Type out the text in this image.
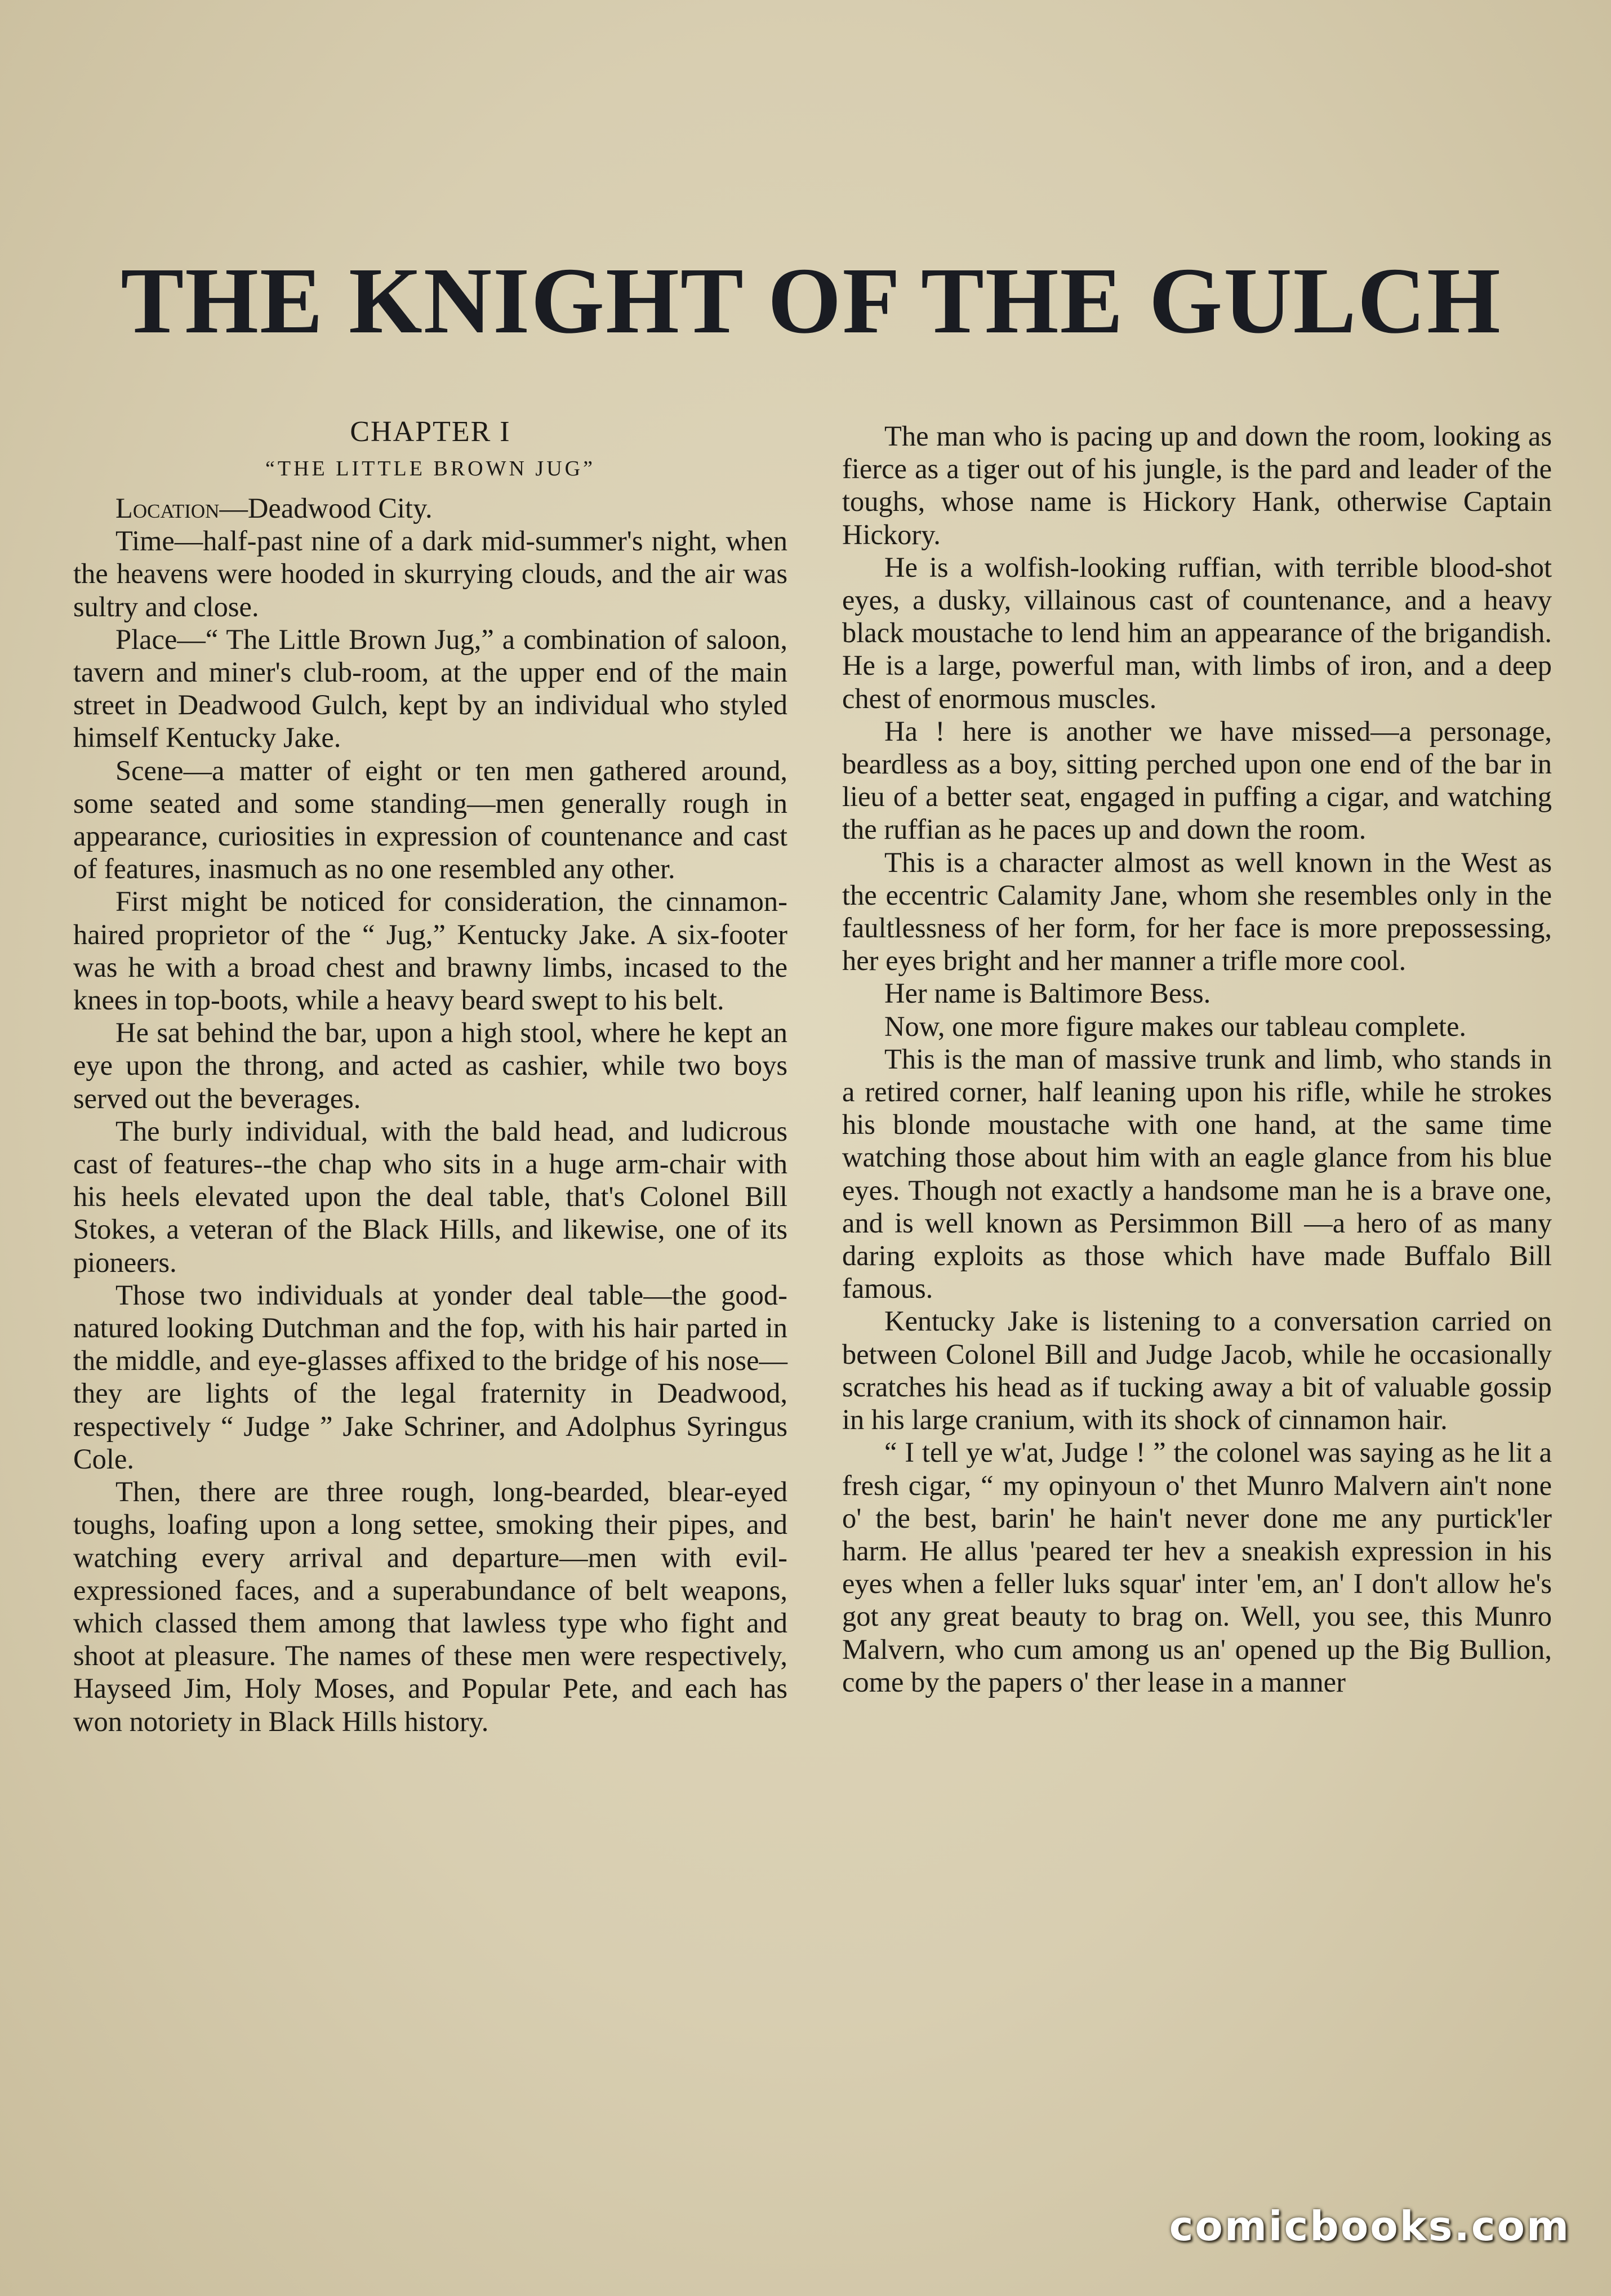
THE KNIGHT OF THE GULCH
CHAPTER I
“THE LITTLE BROWN JUG”

Location—Deadwood City.

Time—half-past nine of a dark mid-summer's night, when the heavens were hooded in skurrying clouds, and the air was sultry and close.

Place—“ The Little Brown Jug,” a combination of saloon, tavern and miner's club-room, at the upper end of the main street in Deadwood Gulch, kept by an individual who styled himself Kentucky Jake.

Scene—a matter of eight or ten men gathered around, some seated and some standing—men generally rough in appearance, curiosities in expression of countenance and cast of features, inasmuch as no one resembled any other.

First might be noticed for consideration, the cinnamon-haired proprietor of the “ Jug,” Kentucky Jake. A six-footer was he with a broad chest and brawny limbs, incased to the knees in top-boots, while a heavy beard swept to his belt.

He sat behind the bar, upon a high stool, where he kept an eye upon the throng, and acted as cashier, while two boys served out the beverages.

The burly individual, with the bald head, and ludicrous cast of features--the chap who sits in a huge arm-chair with his heels elevated upon the deal table, that's Colonel Bill Stokes, a veteran of the Black Hills, and likewise, one of its pioneers.

Those two individuals at yonder deal table—the good-natured looking Dutchman and the fop, with his hair parted in the middle, and eye-glasses affixed to the bridge of his nose—they are lights of the legal fraternity in Deadwood, respectively “ Judge ” Jake Schriner, and Adolphus Syringus Cole.

Then, there are three rough, long-bearded, blear-eyed toughs, loafing upon a long settee, smoking their pipes, and watching every arrival and departure—men with evil-expressioned faces, and a superabundance of belt weapons, which classed them among that lawless type who fight and shoot at pleasure. The names of these men were respectively, Hayseed Jim, Holy Moses, and Popular Pete, and each has won notoriety in Black Hills history.

The man who is pacing up and down the room, looking as fierce as a tiger out of his jungle, is the pard and leader of the toughs, whose name is Hickory Hank, otherwise Captain Hickory.

He is a wolfish-looking ruffian, with terrible blood-shot eyes, a dusky, villainous cast of countenance, and a heavy black moustache to lend him an appearance of the brigandish. He is a large, powerful man, with limbs of iron, and a deep chest of enormous muscles.

Ha ! here is another we have missed—a personage, beardless as a boy, sitting perched upon one end of the bar in lieu of a better seat, engaged in puffing a cigar, and watching the ruffian as he paces up and down the room.

This is a character almost as well known in the West as the eccentric Calamity Jane, whom she resembles only in the faultlessness of her form, for her face is more prepossessing, her eyes bright and her manner a trifle more cool.

Her name is Baltimore Bess.

Now, one more figure makes our tableau complete.

This is the man of massive trunk and limb, who stands in a retired corner, half leaning upon his rifle, while he strokes his blonde moustache with one hand, at the same time watching those about him with an eagle glance from his blue eyes. Though not exactly a handsome man he is a brave one, and is well known as Persimmon Bill —a hero of as many daring exploits as those which have made Buffalo Bill famous.

Kentucky Jake is listening to a conversation carried on between Colonel Bill and Judge Jacob, while he occasionally scratches his head as if tucking away a bit of valuable gossip in his large cranium, with its shock of cinnamon hair.

“ I tell ye w'at, Judge ! ” the colonel was saying as he lit a fresh cigar, “ my opinyoun o' thet Munro Malvern ain't none o' the best, barin' he hain't never done me any purtick'ler harm. He allus 'peared ter hev a sneakish expression in his eyes when a feller luks squar' inter 'em, an' I don't allow he's got any great beauty to brag on. Well, you see, this Munro Malvern, who cum among us an' opened up the Big Bullion, come by the papers o' ther lease in a manner

comicbooks.com
